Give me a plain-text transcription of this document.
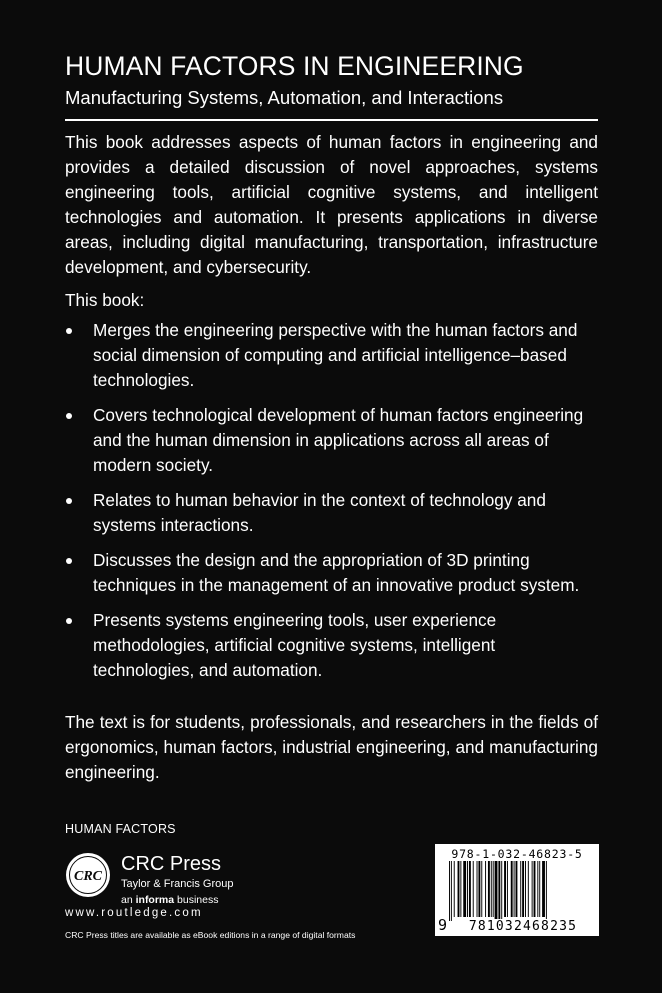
HUMAN FACTORS IN ENGINEERING
Manufacturing Systems, Automation, and Interactions
This book addresses aspects of human factors in engineering and provides a detailed discussion of novel approaches, systems engineering tools, artificial cognitive systems, and intelligent technologies and automation. It presents applications in diverse areas, including digital manufacturing, transportation, infrastructure development, and cybersecurity.
This book:
Merges the engineering perspective with the human factors and social dimension of computing and artificial intelligence–based technologies.
Covers technological development of human factors engineering and the human dimension in applications across all areas of modern society.
Relates to human behavior in the context of technology and systems interactions.
Discusses the design and the appropriation of 3D printing techniques in the management of an innovative product system.
Presents systems engineering tools, user experience methodologies, artificial cognitive systems, intelligent technologies, and automation.
The text is for students, professionals, and researchers in the fields of ergonomics, human factors, industrial engineering, and manufacturing engineering.
HUMAN FACTORS
CRC
CRC Press
Taylor & Francis Group
an informa business
www.routledge.com
CRC Press titles are available as eBook editions in a range of digital formats
978-1-032-46823-5
9	781032468235
